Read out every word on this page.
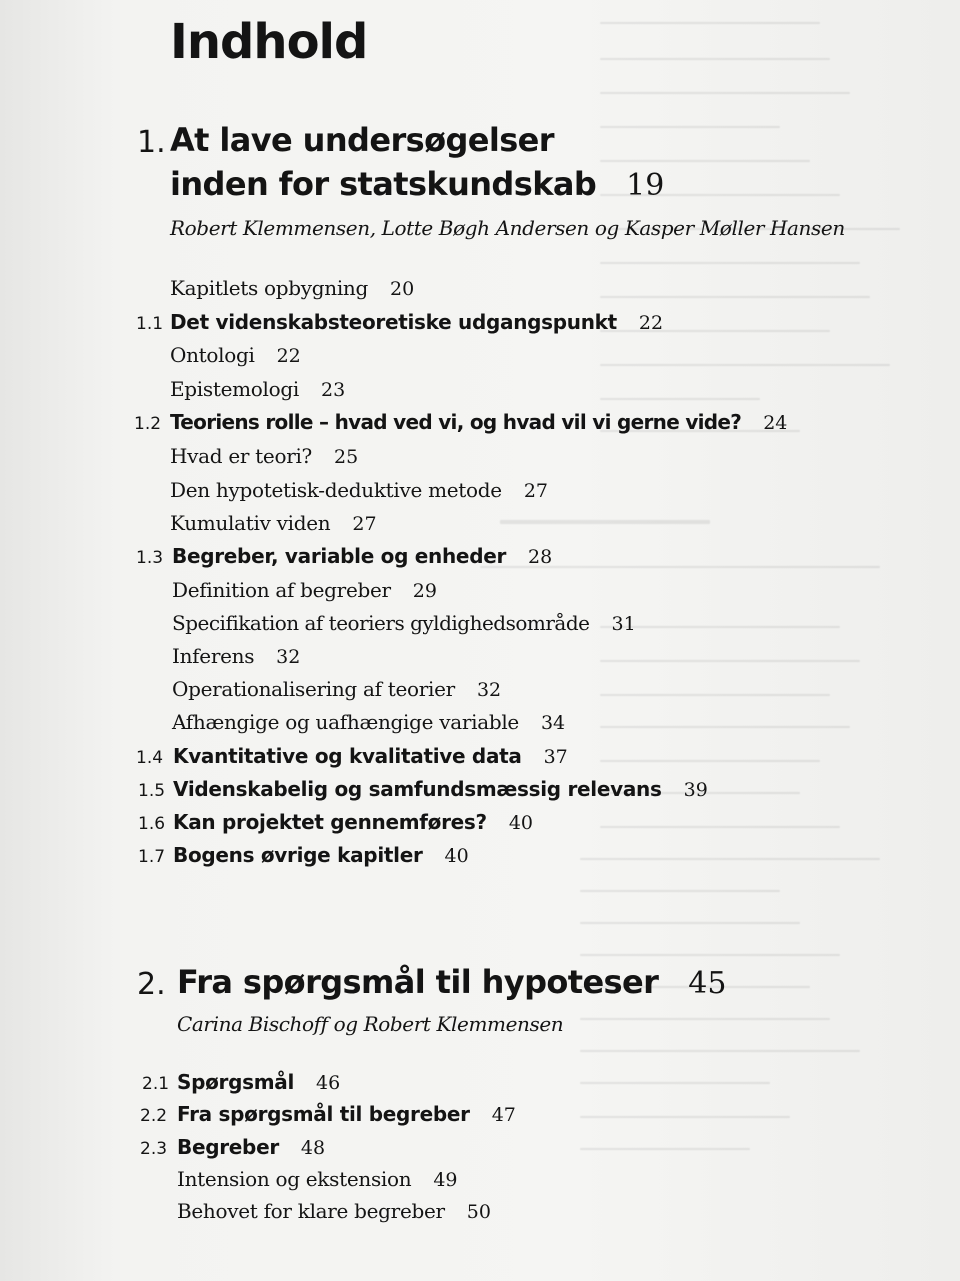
Indhold
1. At lave undersøgelser
inden for statskundskab 19
Robert Klemmensen, Lotte Bøgh Andersen og Kasper Møller Hansen
Kapitlets opbygning 20
1.1 Det videnskabsteoretiske udgangspunkt 22
Ontologi 22
Epistemologi 23
1.2 Teoriens rolle – hvad ved vi, og hvad vil vi gerne vide? 24
Hvad er teori? 25
Den hypotetisk-deduktive metode 27
Kumulativ viden 27
1.3 Begreber, variable og enheder 28
Definition af begreber 29
Specifikation af teoriers gyldighedsområde 31
Inferens 32
Operationalisering af teorier 32
Afhængige og uafhængige variable 34
1.4 Kvantitative og kvalitative data 37
1.5 Videnskabelig og samfundsmæssig relevans 39
1.6 Kan projektet gennemføres? 40
1.7 Bogens øvrige kapitler 40
2. Fra spørgsmål til hypoteser 45
Carina Bischoff og Robert Klemmensen
2.1 Spørgsmål 46
2.2 Fra spørgsmål til begreber 47
2.3 Begreber 48
Intension og ekstension 49
Behovet for klare begreber 50
